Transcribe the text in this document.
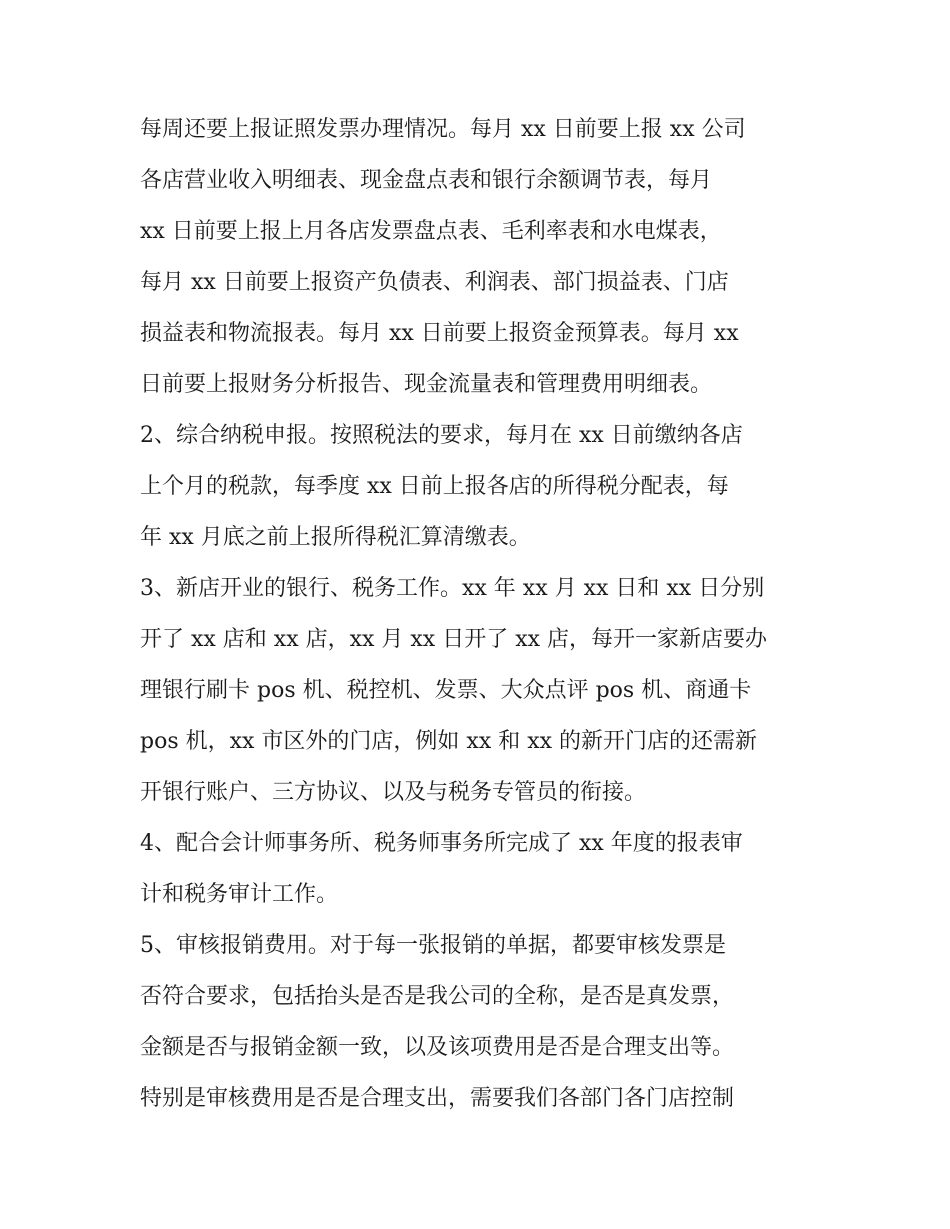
每周还要上报证照发票办理情况。每月 xx 日前要上报 xx 公司
各店营业收入明细表、现金盘点表和银行余额调节表，每月
xx 日前要上报上月各店发票盘点表、毛利率表和水电煤表，
每月 xx 日前要上报资产负债表、利润表、部门损益表、门店
损益表和物流报表。每月 xx 日前要上报资金预算表。每月 xx
日前要上报财务分析报告、现金流量表和管理费用明细表。
2、综合纳税申报。按照税法的要求，每月在 xx 日前缴纳各店
上个月的税款，每季度 xx 日前上报各店的所得税分配表，每
年 xx 月底之前上报所得税汇算清缴表。
3、新店开业的银行、税务工作。xx 年 xx 月 xx 日和 xx 日分别
开了 xx 店和 xx 店，xx 月 xx 日开了 xx 店，每开一家新店要办
理银行刷卡 pos 机、税控机、发票、大众点评 pos 机、商通卡
pos 机，xx 市区外的门店，例如 xx 和 xx 的新开门店的还需新
开银行账户、三方协议、以及与税务专管员的衔接。
4、配合会计师事务所、税务师事务所完成了 xx 年度的报表审
计和税务审计工作。
5、审核报销费用。对于每一张报销的单据，都要审核发票是
否符合要求，包括抬头是否是我公司的全称，是否是真发票，
金额是否与报销金额一致，以及该项费用是否是合理支出等。
特别是审核费用是否是合理支出，需要我们各部门各门店控制
